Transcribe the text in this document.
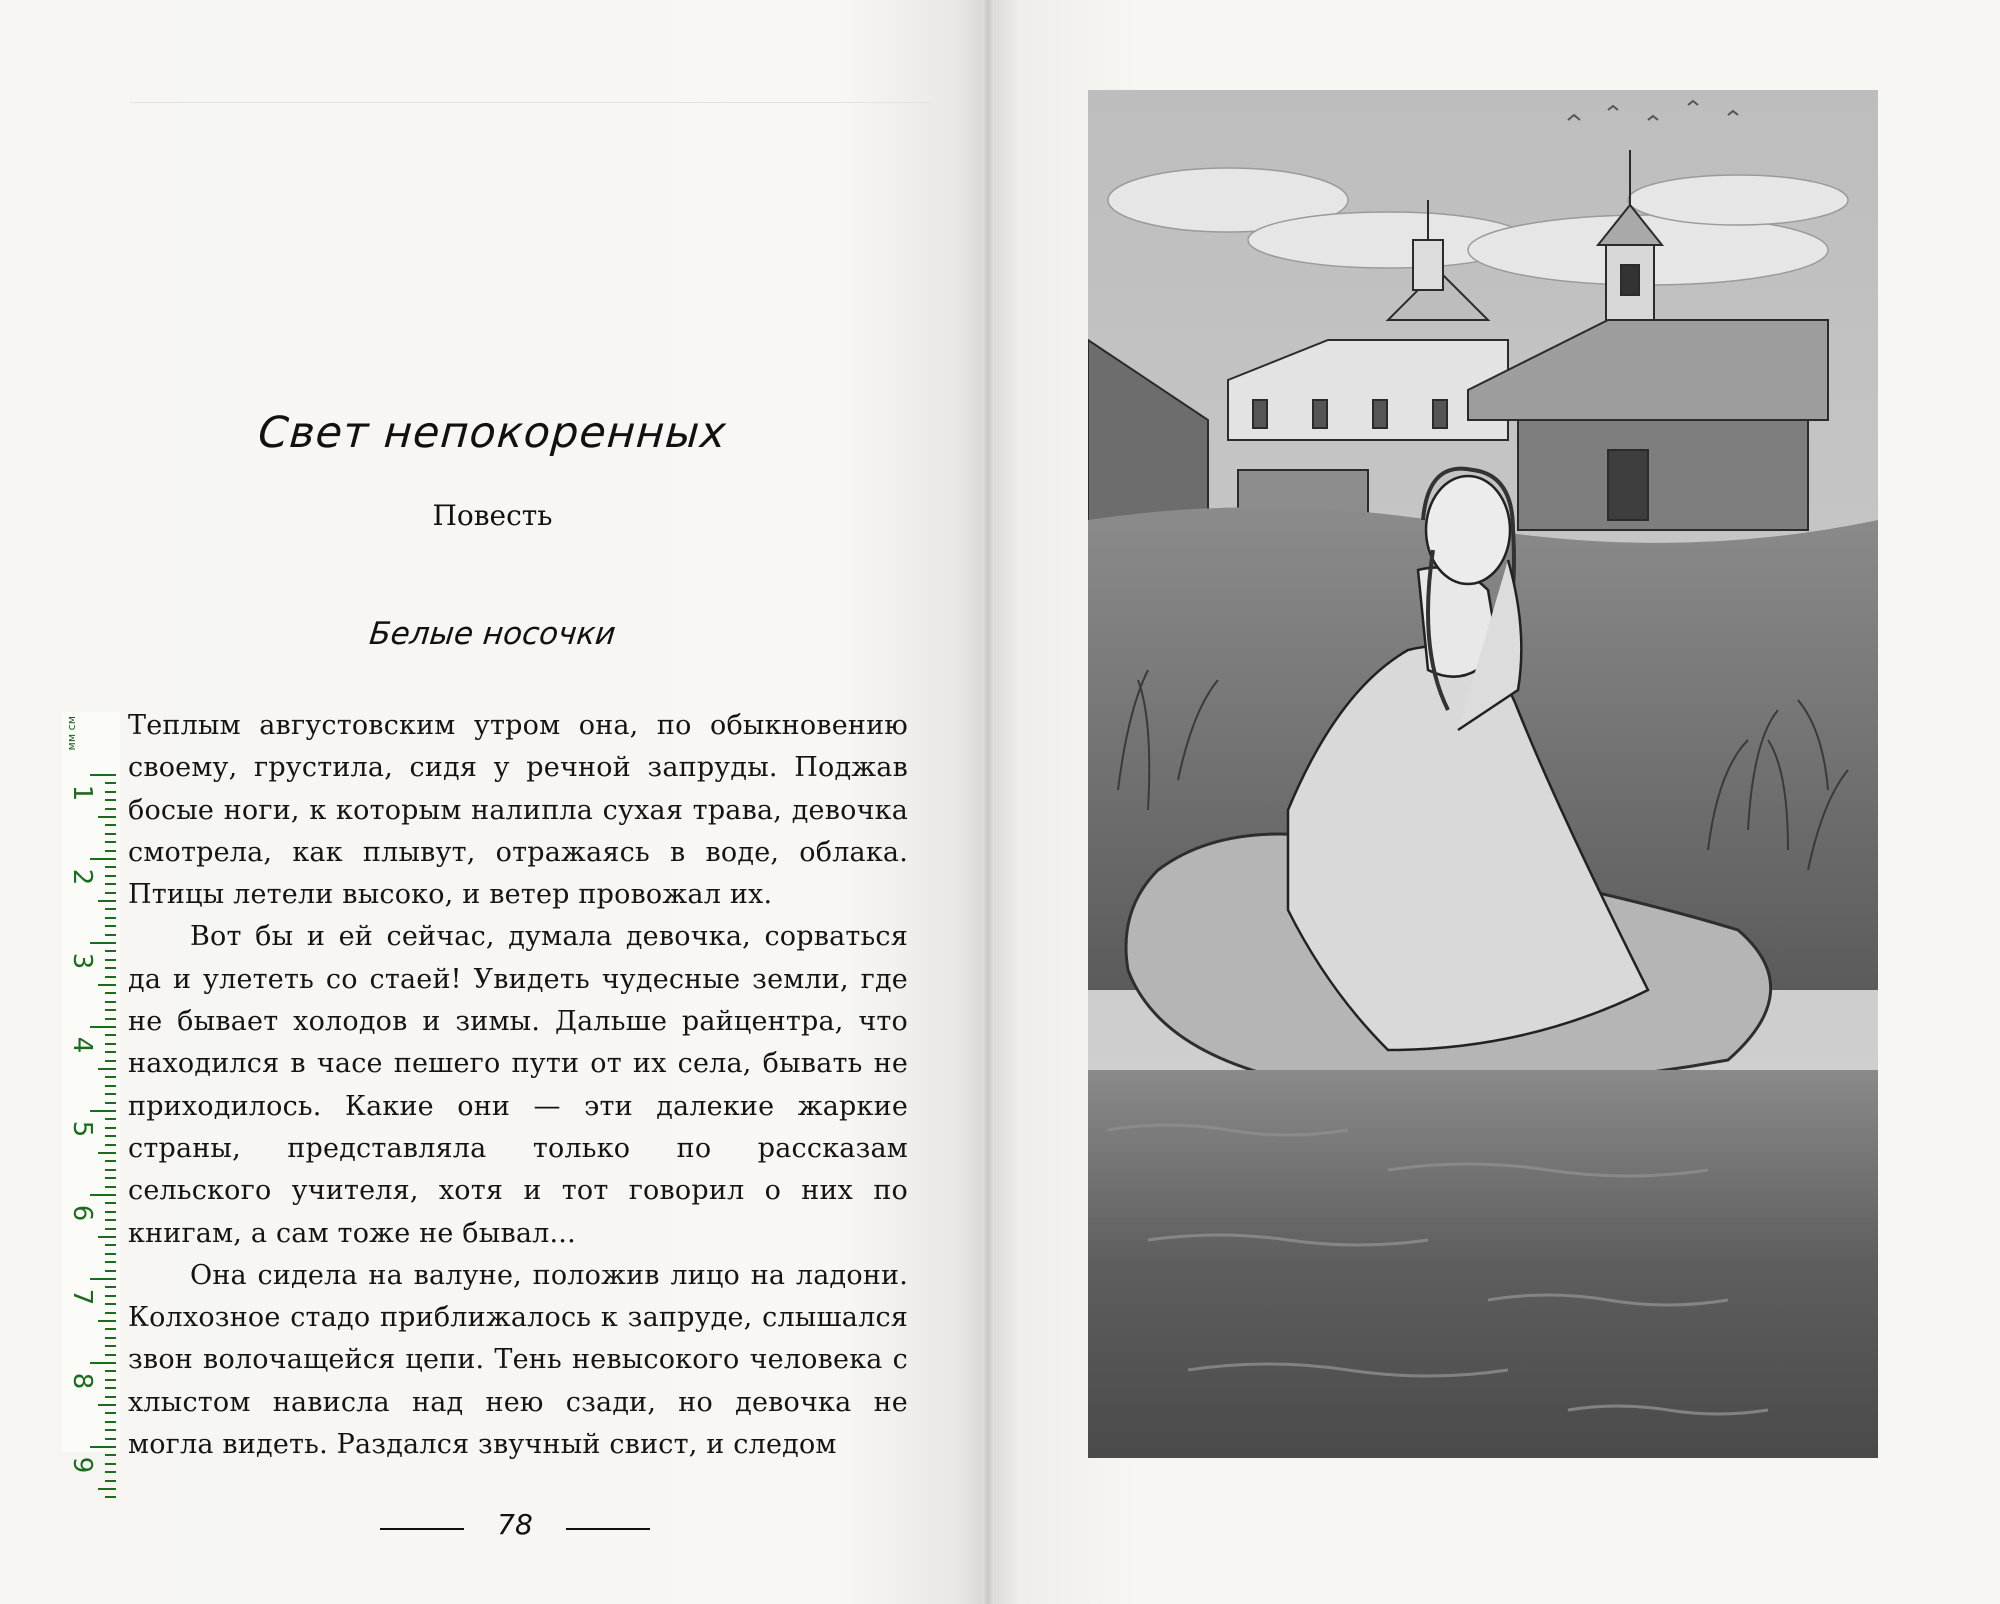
Свет непокоренных
Повесть
Белые носочки

Теплым августовским утром она, по обыкновению своему, грустила, сидя у речной запруды. Поджав босые ноги, к которым налипла сухая трава, девочка смотрела, как плывут, отражаясь в воде, облака. Птицы летели высоко, и ветер провожал их.

Вот бы и ей сейчас, думала девочка, сорваться да и улететь со стаей! Увидеть чудесные земли, где не бывает холодов и зимы. Дальше райцентра, что находился в часе пешего пути от их села, бывать не приходилось. Какие они — эти далекие жаркие страны, представляла только по рассказам сельского учителя, хотя и тот говорил о них по книгам, а сам тоже не бывал...

Она сидела на валуне, положив лицо на ладони. Колхозное стадо приближалось к запруде, слышался звон волочащейся цепи. Тень невысокого человека с хлыстом нависла над нею сзади, но девочка не могла видеть. Раздался звучный свист, и следом

78
мм см
1
2
3
4
5
6
7
8
9
